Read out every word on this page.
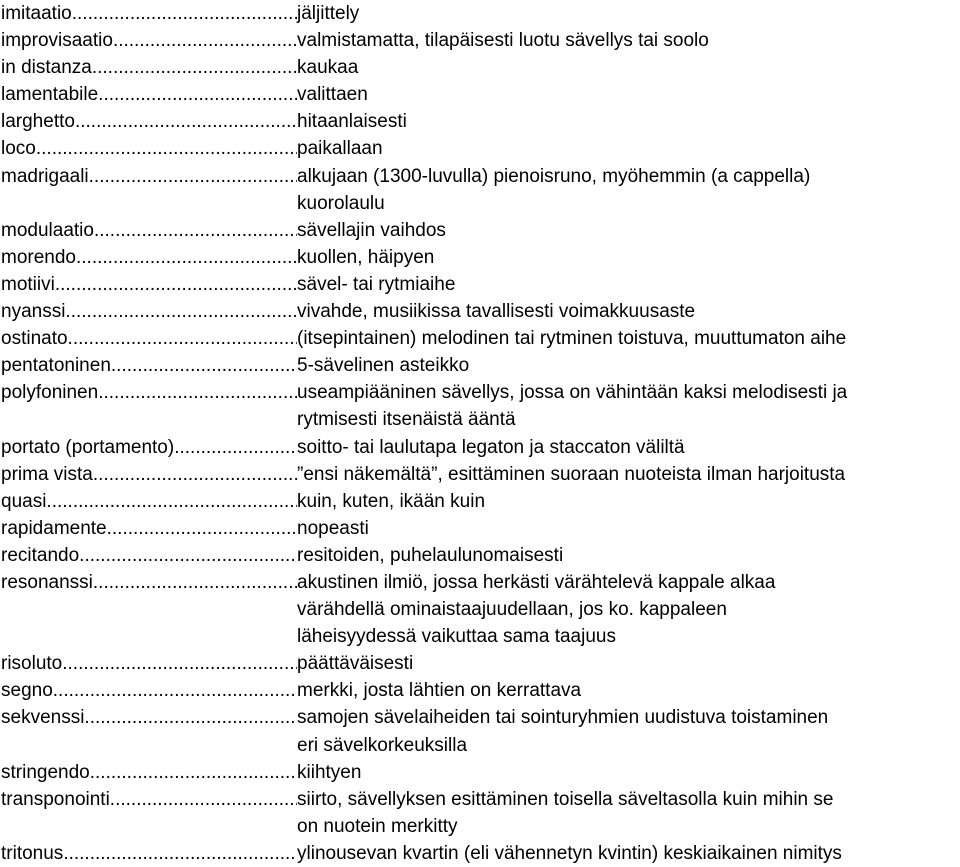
imitaatio .....	jäljittely
improvisaatio .....	valmistamatta, tilapäisesti luotu sävellys tai soolo
in distanza .....	kaukaa
lamentabile .....	valittaen
larghetto .....	hitaanlaisesti
loco .....	paikallaan
madrigaali .....	alkujaan (1300-luvulla) pienoisruno, myöhemmin (a cappella)
kuorolaulu
modulaatio .....	sävellajin vaihdos
morendo .....	kuollen, häipyen
motiivi .....	sävel- tai rytmiaihe
nyanssi .....	vivahde, musiikissa tavallisesti voimakkuusaste
ostinato .....	(itsepintainen) melodinen tai rytminen toistuva, muuttumaton aihe
pentatoninen .....	5-sävelinen asteikko
polyfoninen .....	useampiääninen sävellys, jossa on vähintään kaksi melodisesti ja
rytmisesti itsenäistä ääntä
portato (portamento) .....	soitto- tai laulutapa legaton ja staccaton väliltä
prima vista .....	”ensi näkemältä”, esittäminen suoraan nuoteista ilman harjoitusta
quasi .....	kuin, kuten, ikään kuin
rapidamente .....	nopeasti
recitando .....	resitoiden, puhelaulunomaisesti
resonanssi .....	akustinen ilmiö, jossa herkästi värähtelevä kappale alkaa
värähdellä ominaistaajuudellaan, jos ko. kappaleen
läheisyydessä vaikuttaa sama taajuus
risoluto .....	päättäväisesti
segno .....	merkki, josta lähtien on kerrattava
sekvenssi .....	samojen sävelaiheiden tai sointuryhmien uudistuva toistaminen
eri sävelkorkeuksilla
stringendo .....	kiihtyen
transponointi .....	siirto, sävellyksen esittäminen toisella säveltasolla kuin mihin se
on nuotein merkitty
tritonus .....	ylinousevan kvartin (eli vähennetyn kvintin) keskiaikainen nimitys
